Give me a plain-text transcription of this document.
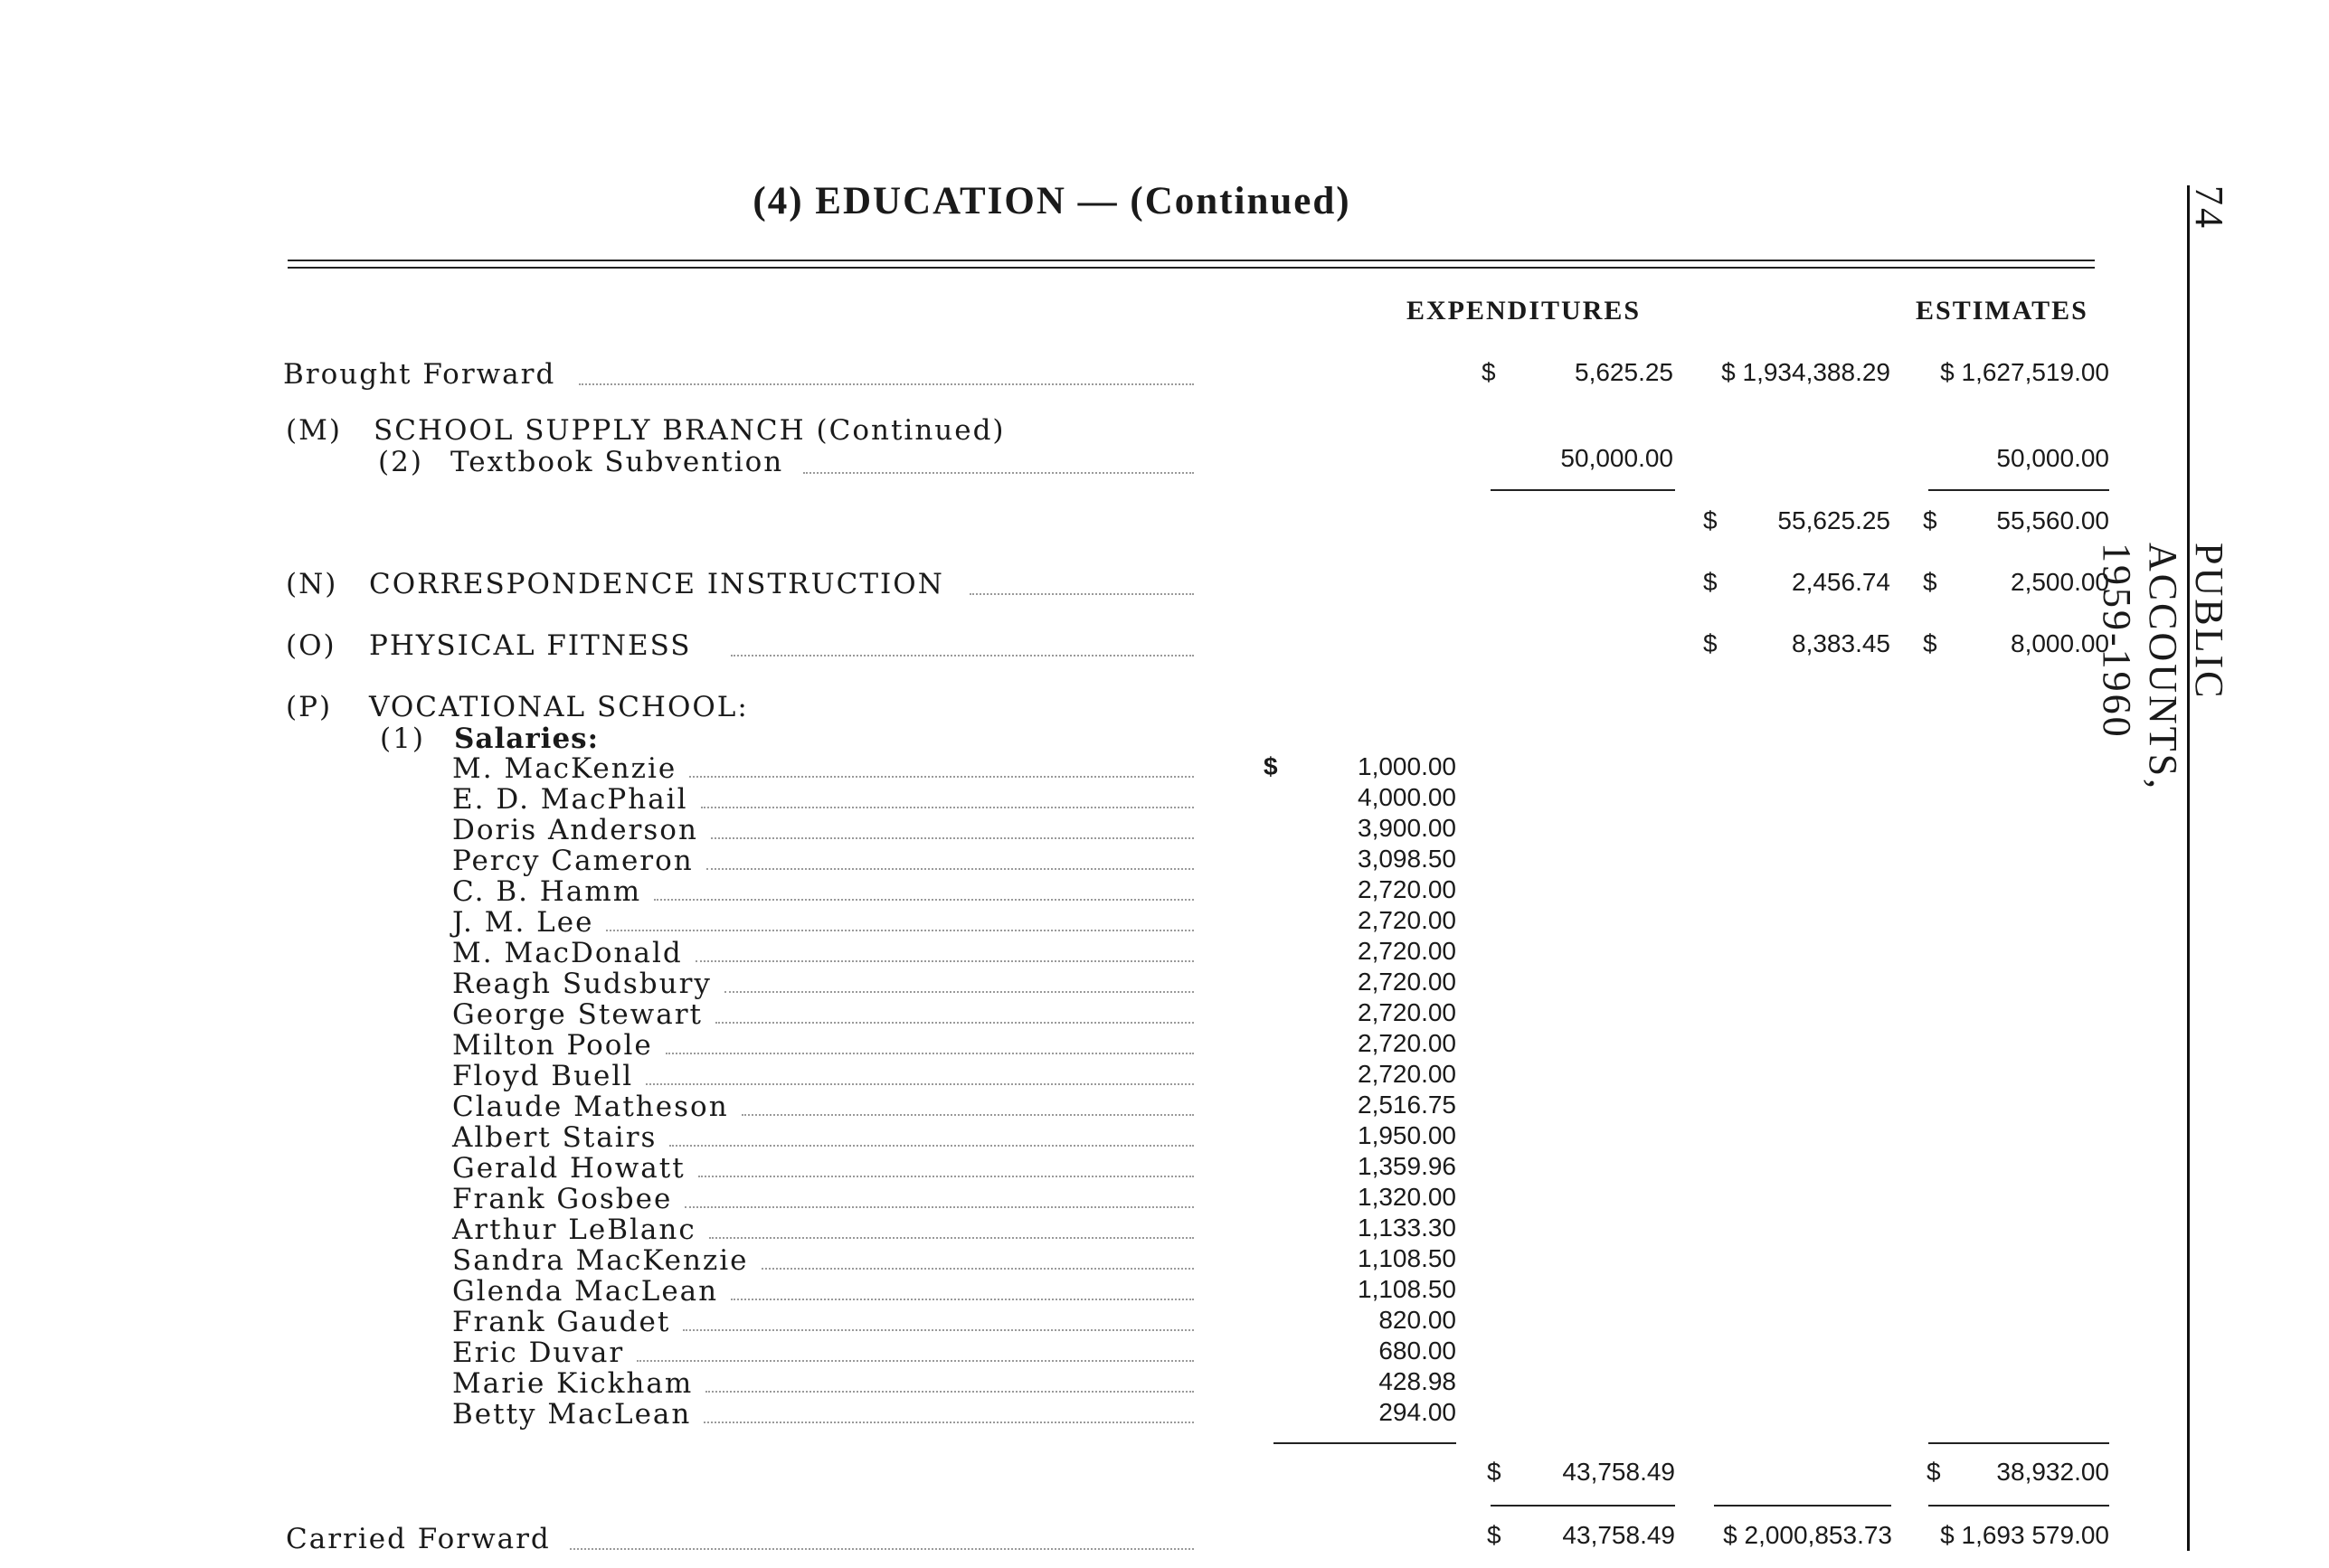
(4) EDUCATION — (Continued)	74
PUBLIC ACCOUNTS, 1959-1960
EXPENDITURES	ESTIMATES
Brought Forward	$	5,625.25	$ 1,934,388.29	$ 1,627,519.00
(M) SCHOOL SUPPLY BRANCH (Continued)
(2) Textbook Subvention	50,000.00	50,000.00
$	55,625.25 $	55,560.00
(N) CORRESPONDENCE INSTRUCTION	$	2,456.74 $	2,500.00
(O) PHYSICAL FITNESS	$	8,383.45 $	8,000.00
(P) VOCATIONAL SCHOOL:
(1) Salaries:
$
M. MacKenzie	1,000.00
E. D. MacPhail	4,000.00
Doris Anderson	3,900.00
Percy Cameron	3,098.50
C. B. Hamm	2,720.00
J. M. Lee	2,720.00
M. MacDonald	2,720.00
Reagh Sudsbury	2,720.00
George Stewart	2,720.00
Milton Poole	2,720.00
Floyd Buell	2,720.00
Claude Matheson	2,516.75
Albert Stairs	1,950.00
Gerald Howatt	1,359.96
Frank Gosbee	1,320.00
Arthur LeBlanc	1,133.30
Sandra MacKenzie	1,108.50
Glenda MacLean	1,108.50
Frank Gaudet	820.00
Eric Duvar	680.00
Marie Kickham	428.98
Betty MacLean	294.00
$	43,758.49	$	38,932.00
Carried Forward	$	43,758.49	$ 2,000,853.73	$ 1,693 579.00
